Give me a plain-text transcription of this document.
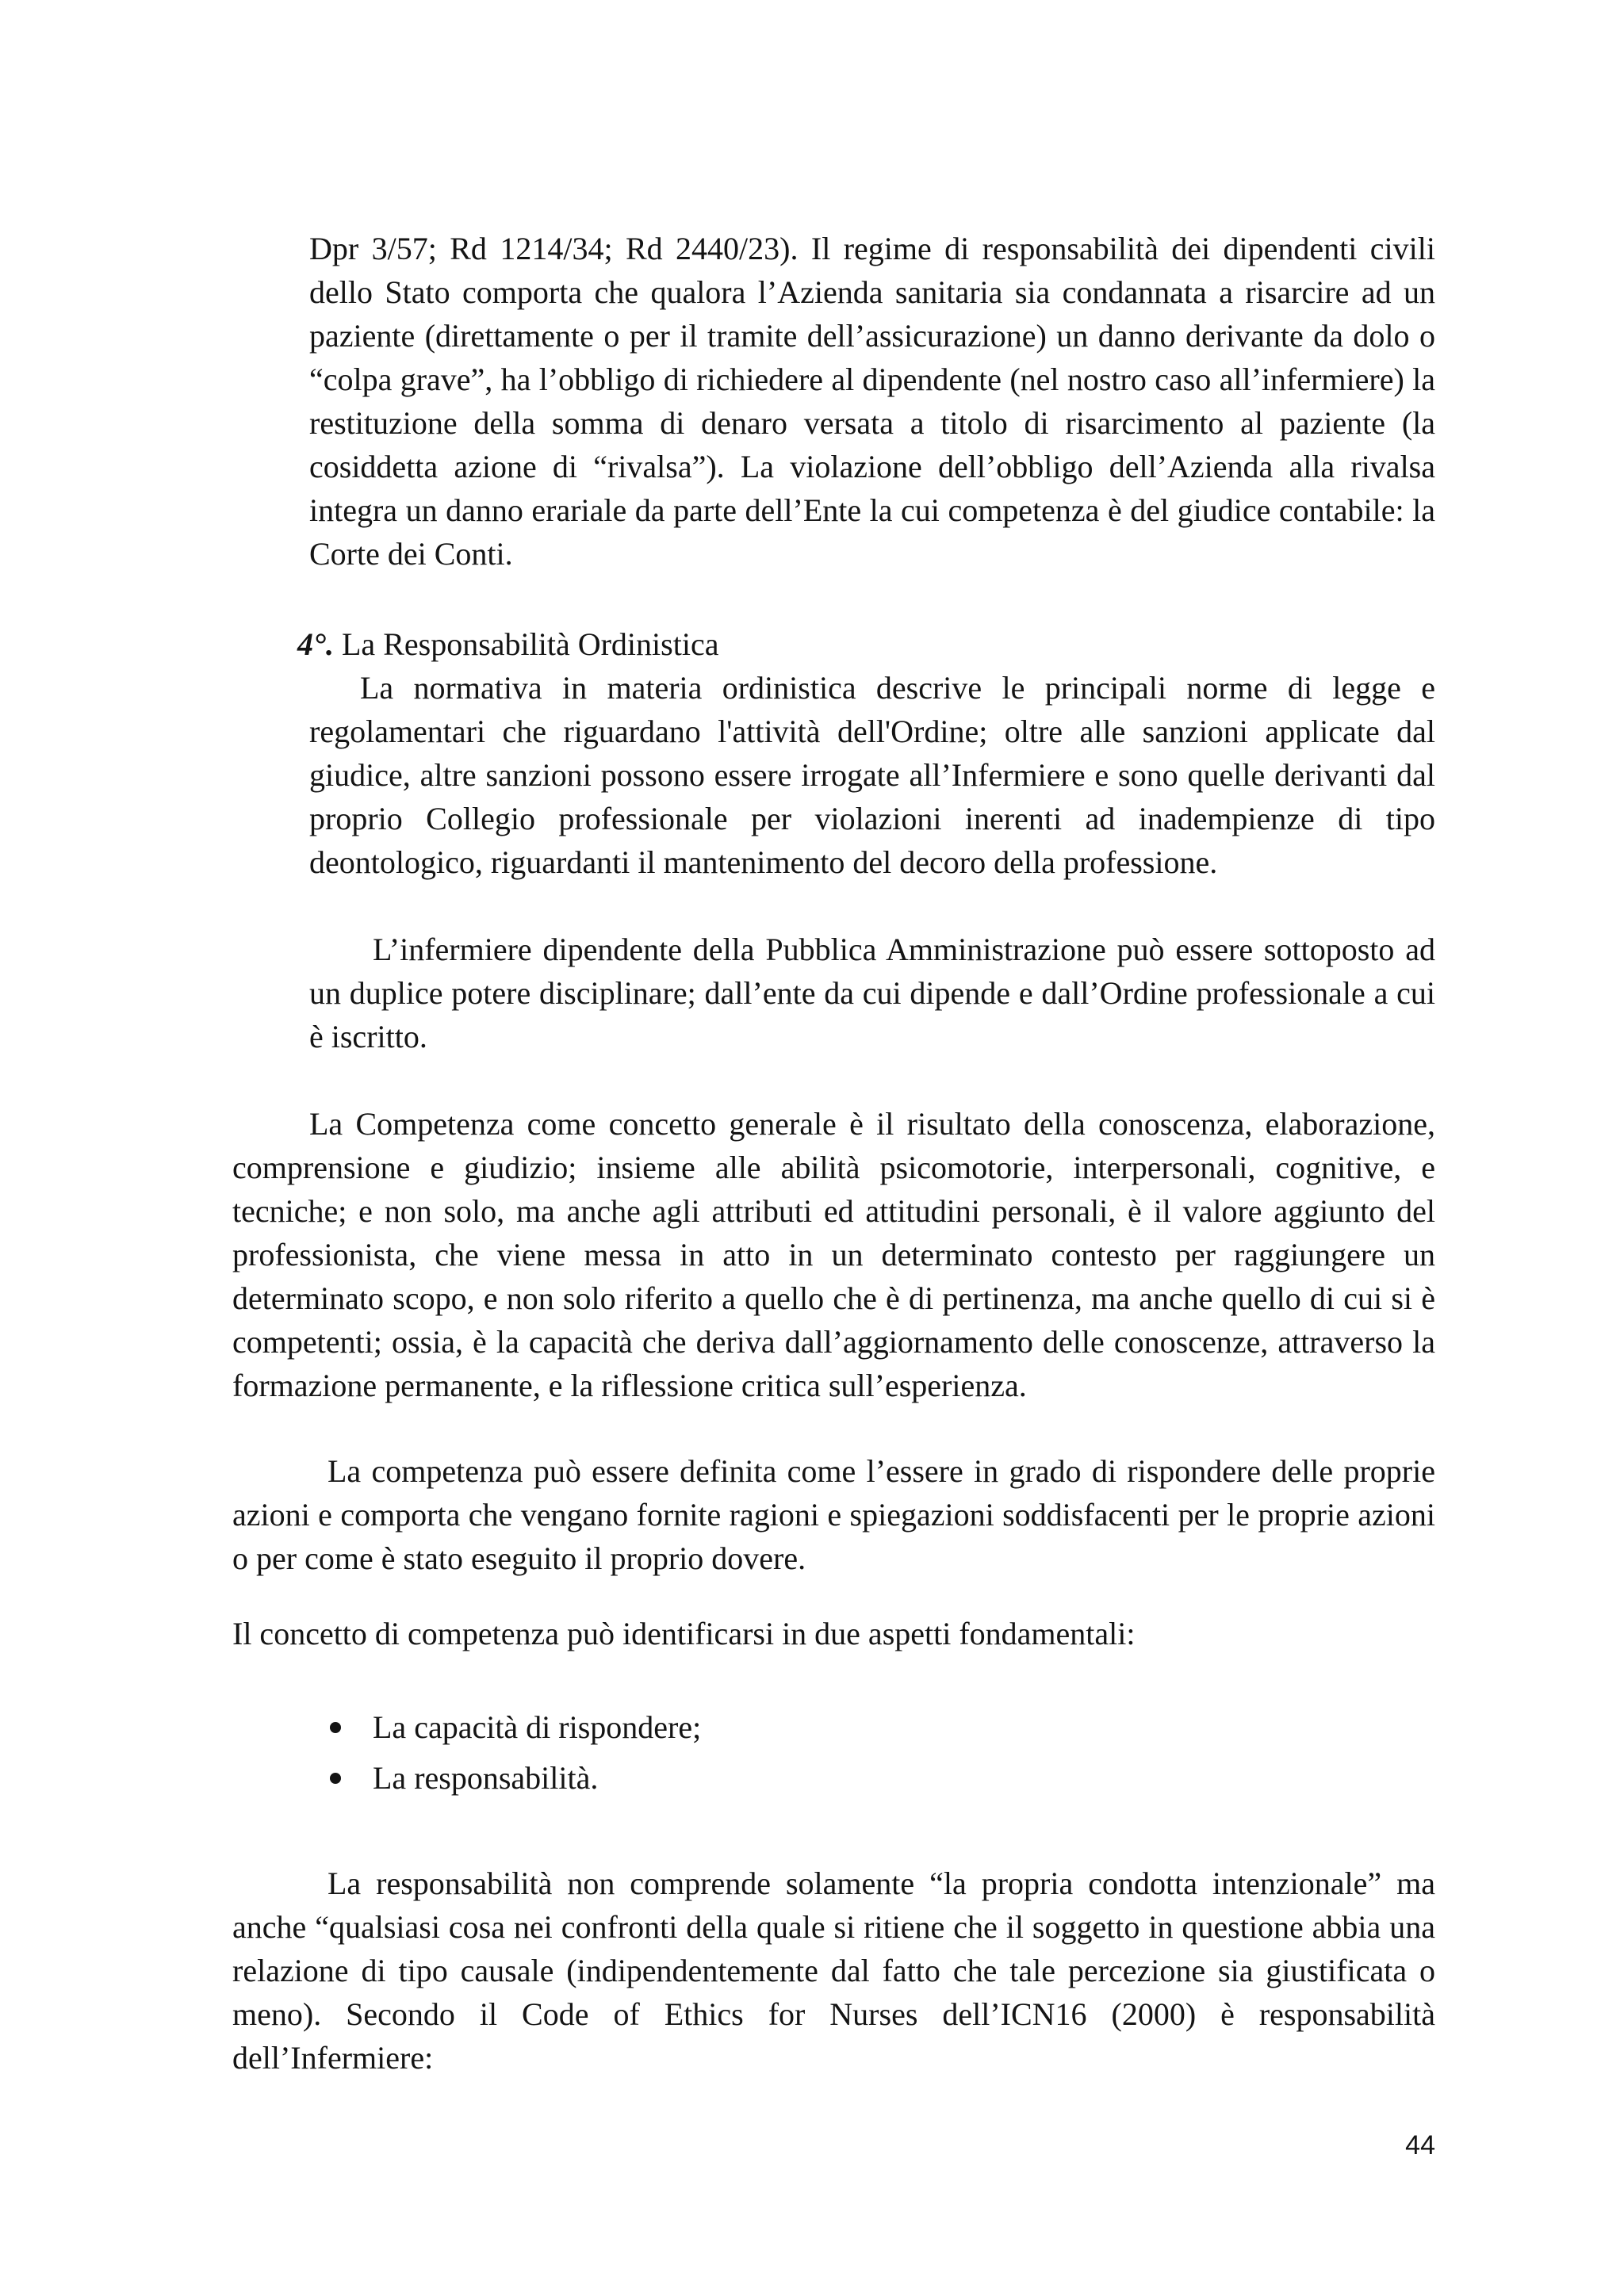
Dpr 3/57; Rd 1214/34; Rd 2440/23). Il regime di responsabilità dei dipendenti civili dello Stato comporta che qualora l’Azienda sanitaria sia condannata a risarcire ad un paziente (direttamente o per il tramite dell’assicurazione) un danno derivante da dolo o “colpa grave”, ha l’obbligo di richiedere al dipendente (nel nostro caso all’infermiere) la restituzione della somma di denaro versata a titolo di risarcimento al paziente (la cosiddetta azione di “rivalsa”). La violazione dell’obbligo dell’Azienda alla rivalsa integra un danno erariale da parte dell’Ente la cui competenza è del giudice contabile: la Corte dei Conti.

4°. La Responsabilità Ordinistica

La normativa in materia ordinistica descrive le principali norme di legge e regolamentari che riguardano l'attività dell'Ordine; oltre alle sanzioni applicate dal giudice, altre sanzioni possono essere irrogate all’Infermiere e sono quelle derivanti dal proprio Collegio professionale per violazioni inerenti ad inadempienze di tipo deontologico, riguardanti il mantenimento del decoro della professione.

L’infermiere dipendente della Pubblica Amministrazione può essere sottoposto ad un duplice potere disciplinare; dall’ente da cui dipende e dall’Ordine professionale a cui è iscritto.

La Competenza come concetto generale è il risultato della conoscenza, elaborazione, comprensione e giudizio; insieme alle abilità psicomotorie, interpersonali, cognitive, e tecniche; e non solo, ma anche agli attributi ed attitudini personali, è il valore aggiunto del professionista, che viene messa in atto in un determinato contesto per raggiungere un determinato scopo, e non solo riferito a quello che è di pertinenza, ma anche quello di cui si è competenti; ossia, è la capacità che deriva dall’aggiornamento delle conoscenze, attraverso la formazione permanente, e la riflessione critica sull’esperienza.

La competenza può essere definita come l’essere in grado di rispondere delle proprie azioni e comporta che vengano fornite ragioni e spiegazioni soddisfacenti per le proprie azioni o per come è stato eseguito il proprio dovere.

Il concetto di competenza può identificarsi in due aspetti fondamentali:

La capacità di rispondere;
La responsabilità.

La responsabilità non comprende solamente “la propria condotta intenzionale” ma anche “qualsiasi cosa nei confronti della quale si ritiene che il soggetto in questione abbia una relazione di tipo causale (indipendentemente dal fatto che tale percezione sia giustificata o meno). Secondo il Code of Ethics for Nurses dell’ICN16 (2000) è responsabilità dell’Infermiere:

44
